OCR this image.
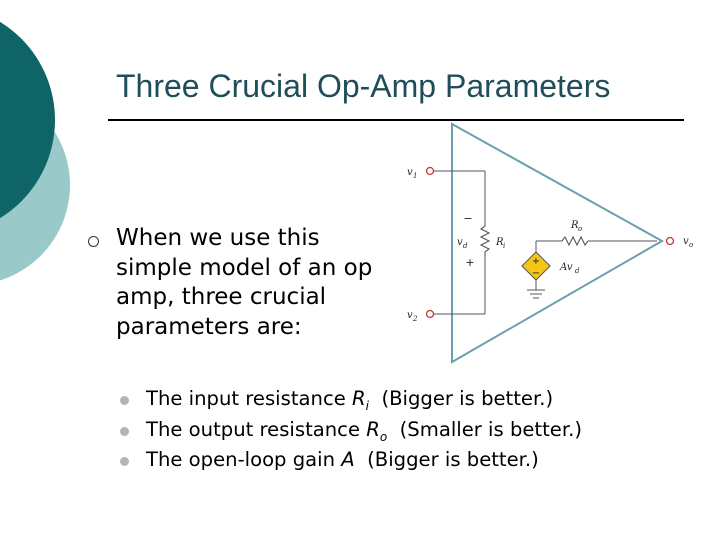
Three Crucial Op-Amp Parameters
When we use this simple model of an op amp, three crucial parameters are:
The input resistance $R_i$  (Bigger is better.)
The output resistance $R_o$  (Smaller is better.)
The open-loop gain A  (Bigger is better.)
−
v d
+
R i
+
−
Av d
R o
v o
v 1
v 2
